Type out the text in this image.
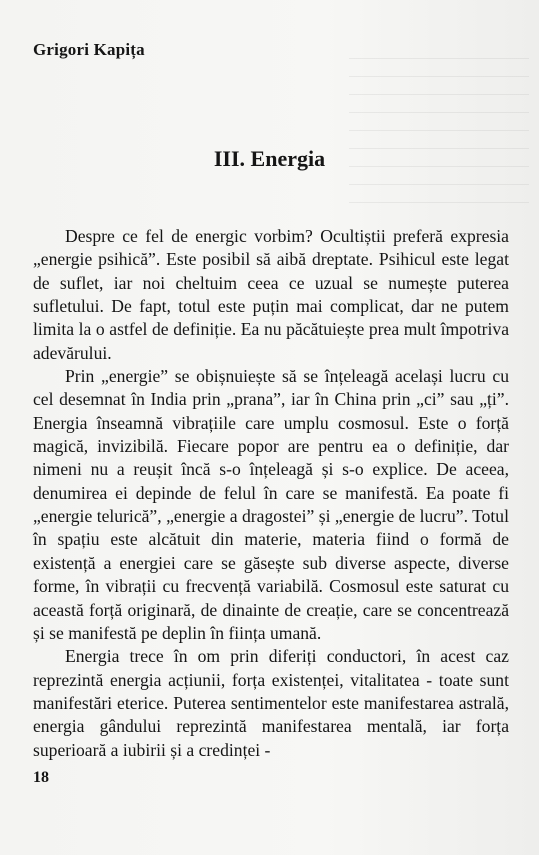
Grigori Kapița
III. Energia

Despre ce fel de energic vorbim? Ocultiștii preferă expresia „energie psihică”. Este posibil să aibă dreptate. Psihicul este legat de suflet, iar noi cheltuim ceea ce uzual se numește puterea sufletului. De fapt, totul este puțin mai complicat, dar ne putem limita la o astfel de definiție. Ea nu păcătuiește prea mult împotriva adevărului.

Prin „energie” se obișnuiește să se înțeleagă același lucru cu cel desemnat în India prin „prana”, iar în China prin „ci” sau „ți”. Energia înseamnă vibrațiile care umplu cosmosul. Este o forță magică, invizibilă. Fiecare popor are pentru ea o definiție, dar nimeni nu a reușit încă s-o înțeleagă și s-o explice. De aceea, denumirea ei depinde de felul în care se manifestă. Ea poate fi „energie telurică”, „energie a dragostei” și „energie de lucru”. Totul în spațiu este alcătuit din materie, materia fiind o formă de existență a energiei care se găsește sub diverse aspecte, diverse forme, în vibrații cu frecvență variabilă. Cosmosul este saturat cu această forță originară, de dinainte de creație, care se concentrează și se manifestă pe deplin în ființa umană.

Energia trece în om prin diferiți conductori, în acest caz reprezintă energia acțiunii, forța existenței, vitalitatea - toate sunt manifestări eterice. Puterea sentimentelor este manifestarea astrală, energia gândului reprezintă manifestarea mentală, iar forța superioară a iubirii și a credinței -

18
